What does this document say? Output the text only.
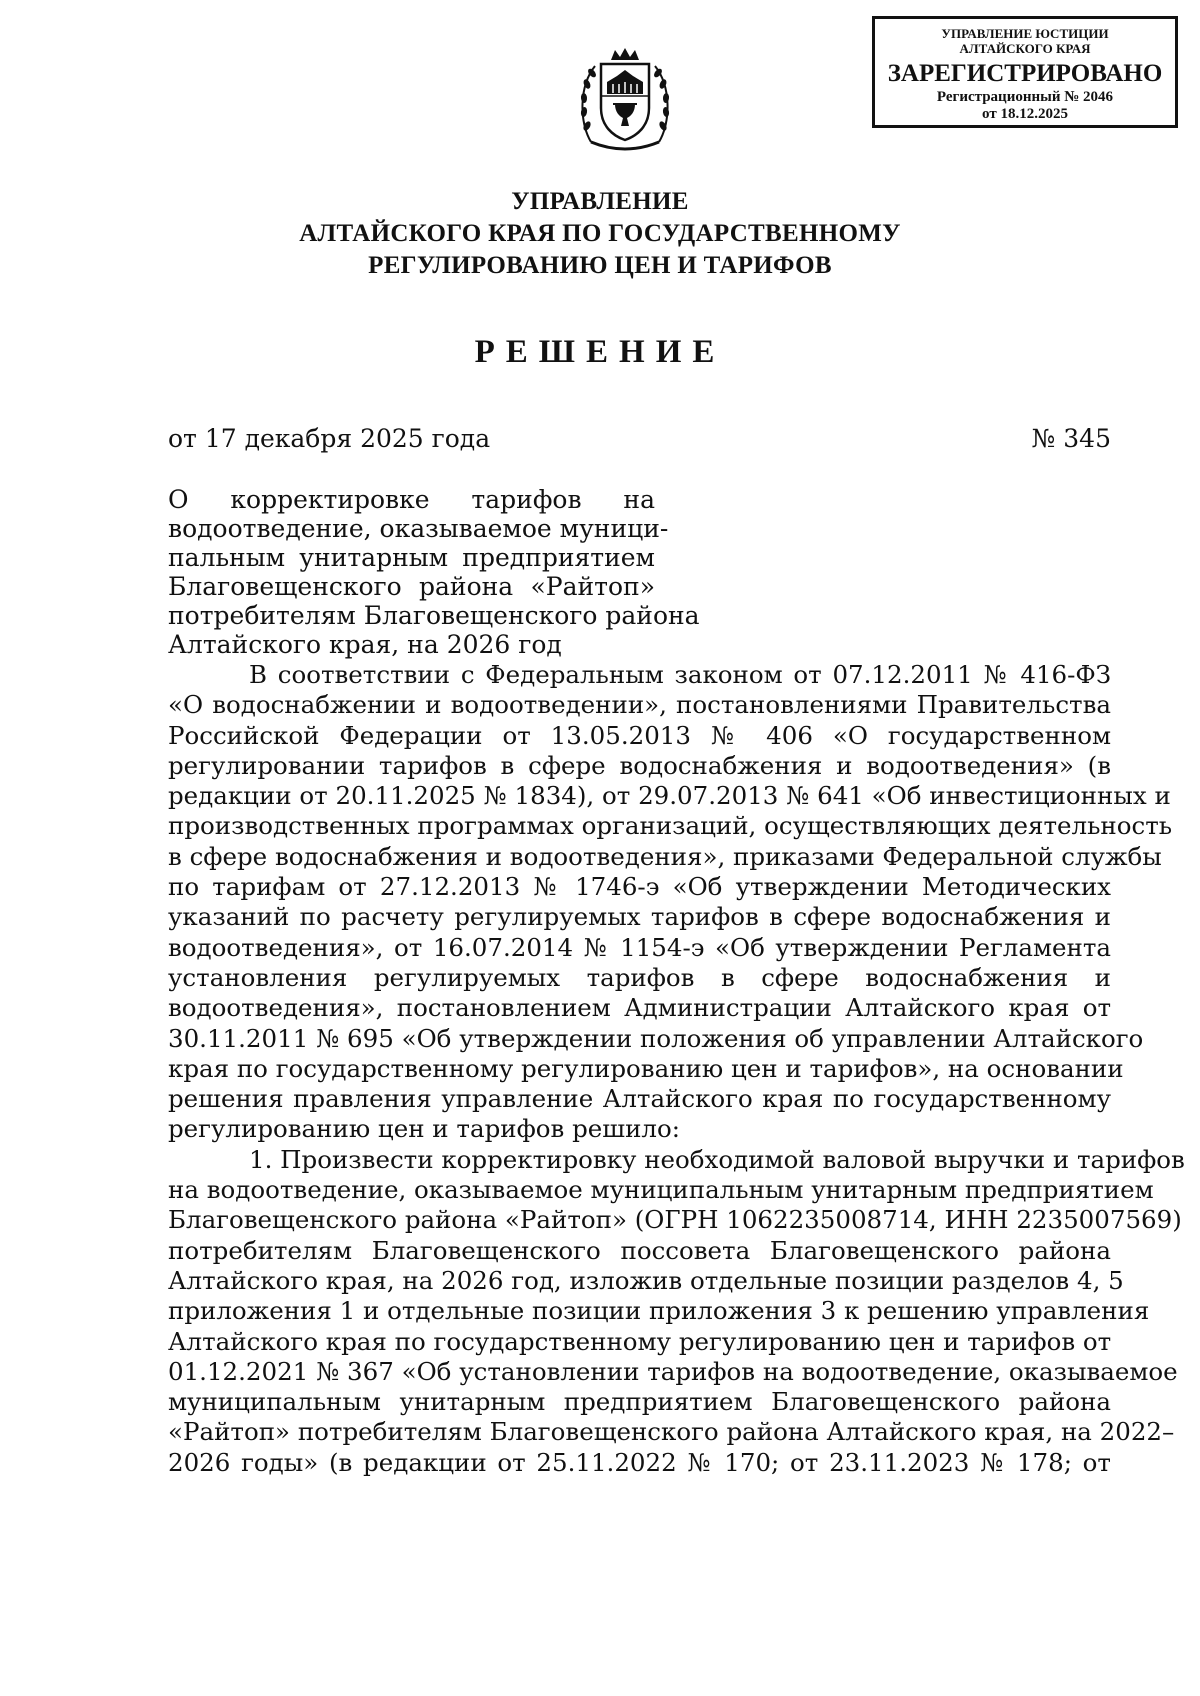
УПРАВЛЕНИЕ ЮСТИЦИИ
АЛТАЙСКОГО КРАЯ
ЗАРЕГИСТРИРОВАНО
Регистрационный № 2046
от 18.12.2025
УПРАВЛЕНИЕ
АЛТАЙСКОГО КРАЯ ПО ГОСУДАРСТВЕННОМУ
РЕГУЛИРОВАНИЮ ЦЕН И ТАРИФОВ
РЕШЕНИЕ
от 17 декабря 2025 года	№ 345
О корректировке тарифов на
водоотведение, оказываемое муници-
пальным унитарным предприятием
Благовещенского района «Райтоп»
потребителям Благовещенского района
Алтайского края, на 2026 год
В соответствии с Федеральным законом от 07.12.2011 № 416-ФЗ
«О водоснабжении и водоотведении», постановлениями Правительства
Российской Федерации от 13.05.2013 № 406 «О государственном
регулировании тарифов в сфере водоснабжения и водоотведения» (в
редакции от 20.11.2025 № 1834), от 29.07.2013 № 641 «Об инвестиционных и
производственных программах организаций, осуществляющих деятельность
в сфере водоснабжения и водоотведения», приказами Федеральной службы
по тарифам от 27.12.2013 № 1746-э «Об утверждении Методических
указаний по расчету регулируемых тарифов в сфере водоснабжения и
водоотведения», от 16.07.2014 № 1154-э «Об утверждении Регламента
установления регулируемых тарифов в сфере водоснабжения и
водоотведения», постановлением Администрации Алтайского края от
30.11.2011 № 695 «Об утверждении положения об управлении Алтайского
края по государственному регулированию цен и тарифов», на основании
решения правления управление Алтайского края по государственному
регулированию цен и тарифов решило:
1. Произвести корректировку необходимой валовой выручки и тарифов
на водоотведение, оказываемое муниципальным унитарным предприятием
Благовещенского района «Райтоп» (ОГРН 1062235008714, ИНН 2235007569)
потребителям Благовещенского поссовета Благовещенского района
Алтайского края, на 2026 год, изложив отдельные позиции разделов 4, 5
приложения 1 и отдельные позиции приложения 3 к решению управления
Алтайского края по государственному регулированию цен и тарифов от
01.12.2021 № 367 «Об установлении тарифов на водоотведение, оказываемое
муниципальным унитарным предприятием Благовещенского района
«Райтоп» потребителям Благовещенского района Алтайского края, на 2022–
2026 годы» (в редакции от 25.11.2022 № 170; от 23.11.2023 № 178; от
